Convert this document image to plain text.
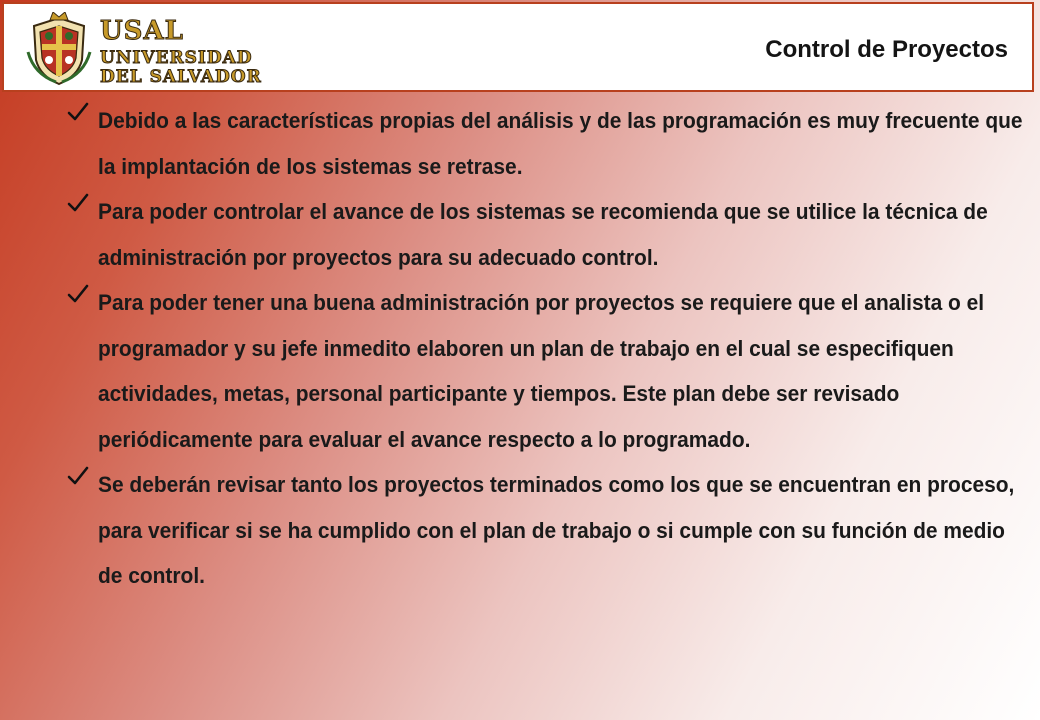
USAL

UNIVERSIDAD

DEL SALVADOR

Control de Proyectos
Debido a las características propias del análisis y de las programación es muy frecuente que la implantación de los sistemas se retrase.
Para poder controlar el avance de los sistemas se recomienda que se utilice la técnica de administración por proyectos para su adecuado control.
Para poder tener una buena administración por proyectos se requiere que el analista o el programador y su jefe inmedito elaboren un plan de trabajo en el cual se especifiquen actividades, metas, personal participante y tiempos. Este plan debe ser revisado periódicamente para evaluar el avance respecto a lo programado.
Se deberán revisar tanto los proyectos terminados como los que se encuentran en proceso, para verificar si se ha cumplido con el plan de trabajo o si cumple con su función de medio de control.
